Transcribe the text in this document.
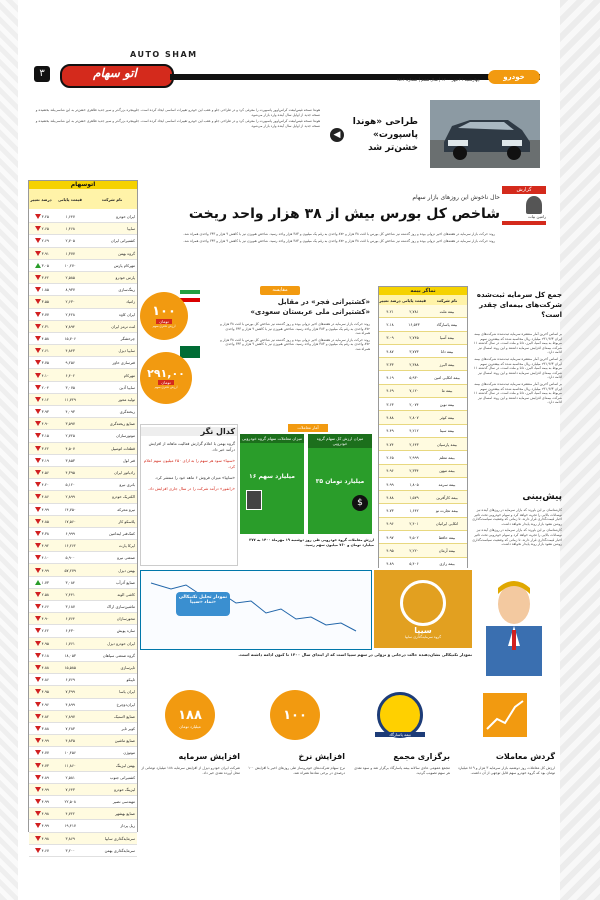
AUTO SHAM
اتو سهام
۳
چهارشنبه ۲۱ مهر ۱۴۰۰ | سال هفتم | شماره ۱۵۱۴	خودرو

هوندا نسخه فیس‌لیفت کراس‌اوور پاسپورت را معرفی کرد و در طراحی جلو و عقب این خودرو تغییرات اساسی ایجاد کرده است. جلوپنجره بزرگ‌تر و سپر جدید ظاهری خشن‌تر به این شاسی‌بلند بخشیده و نسخه جدید از اوایل سال آینده وارد بازار می‌شود.

هوندا نسخه فیس‌لیفت کراس‌اوور پاسپورت را معرفی کرد و در طراحی جلو و عقب این خودرو تغییرات اساسی ایجاد کرده است. جلوپنجره بزرگ‌تر و سپر جدید ظاهری خشن‌تر به این شاسی‌بلند بخشیده و نسخه جدید از اوایل سال آینده وارد بازار می‌شود.

◀
طراحی «هوندا پاسپورت» خشن‌تر شد
اتوسهام
نام شرکت
قیمت پایانی
درصد تغییر
ایران خودرو
۱,۶۴۷
۳.۲۵
سایپا
۱,۴۶۸
۲.۶۵
کشتیرانی ایران
۲,۷۰۵
۲.۶۹
گروه بهمن
۱,۳۷۷
۳.۹۱
مهرکام پارس
۱۰,۲۷۰
۳.۰۵
پارس خودرو
۲,۵۸۵
۳.۴۲
رینگ‌سازی
۸,۹۳۷
۱.۸۵
زامیاد
۲,۶۳۰
۳.۵۵
ایران کاوه
۲,۴۲۸
۳.۷۷
لنت ترمز ایران
۷,۸۹۴
۲.۳۱
چرخشگر
۱۵,۷۰۶
۴.۵۸
سایپا دیزل
۴,۸۴۳
۲.۶۱
فنرسازی خاور
۹,۲۵۶
۳.۷۵
مهرکام
۶,۴۰۲
۴.۱۰
سایپا آذین
۳,۰۷۵
۲.۰۴
تولید محور
۱۱,۷۲۹
۴.۱۲
ریخته‌گری
۴,۰۹۳
۳.۹۳
صنایع ریخته‌گری
۳,۵۹۷
۴.۹۰
موتورسازان
۲,۷۲۵
۳.۱۵
قطعات اتومبیل
۴,۵۰۷
۳.۲۲
فنر لول
۳,۸۵۳
۳.۱۹
رادیاتور ایران
۴,۳۹۵
۴.۵۶
باتری نیرو
۵,۱۲۰
۴.۲۰
الکتریک خودرو
۲,۸۹۹
۴.۸۶
نیرو محرکه
۱۴,۷۵۰
۴.۹۹
پلاسکو کار
۱۷,۵۶۰
۴.۸۵
کمک‌فنر ایندامین
۶,۹۹۹
۳.۳۸
ایرکا پارت
۱۶,۲۶۲
۴.۹۲
صنعتی نیرو
۵,۹۰۰
۴.۱۰
بهمن دیزل
۵۷,۲۷۹
۴.۹۹
صنایع آذرآب
۳,۰۸۴
۱.۷۳
کاشی الوند
۲,۴۴۱
۲.۵۸
ماشین‌سازی اراک
۳,۱۸۷
۴.۶۶
محورسازان
۶,۷۶۴
۴.۹۰
سازه پویش
۶,۴۳۰
۲.۲۲
ایران خودرو دیزل
۱,۷۶۱
۴.۹۵
گروه صنعتی سپاهان
۱۸,۰۵۳
۳.۱۸
تایرسازی
۱۵,۵۸۵
۴.۸۸
تاپیکو
۶,۷۶۹
۴.۸۶
ایران یاسا
۷,۳۹۹
۴.۹۵
ایران‌دوچرخ
۴,۸۹۹
۴.۹۶
صنایع لاستیک
۲,۸۹۷
۴.۸۲
کویر تایر
۷,۲۸۳
۳.۸۸
صنایع ماشین
۴,۸۳۵
۴.۹۹
موتوژن
۱۰,۴۵۶
۴.۷۷
بهمن لیزینگ
۱۱,۸۶۰
۴.۷۳
کشتیرانی جنوب
۲,۵۸۱
۴.۸۹
لیزینگ خودرو
۷,۶۴۳
۴.۹۹
مهندسی نصیر
۲۲,۵۰۸
۴.۹۹
صنایع بهشهر
۴,۷۲۲
۴.۹۸
ریل پرداز
۱۹,۴۱۷
۴.۹۹
سرمایه‌گذاری سایپا
۳,۸۶۹
۴.۹۸
سرمایه‌گذاری بهمن
۳,۲۰۰
۴.۶۷
حال ناخوش این روزهای بازار سهام
شاخص کل بورس بیش از ۳۸ هزار واحد ریخت
گزارش
رامین بیات

روند حرکت بازار سرمایه در هفته‌های اخیر نزولی بوده و روز گذشته نیز شاخص کل بورس با افت ۳۸ هزار و ۸۷۲ واحدی به رقم یک میلیون و ۳۸۳ هزار واحد رسید. شاخص هم‌وزن نیز با کاهش ۹ هزار و ۶۴۳ واحدی همراه شد.

روند حرکت بازار سرمایه در هفته‌های اخیر نزولی بوده و روز گذشته نیز شاخص کل بورس با افت ۳۸ هزار و ۸۷۲ واحدی به رقم یک میلیون و ۳۸۳ هزار واحد رسید. شاخص هم‌وزن نیز با کاهش ۹ هزار و ۶۴۳ واحدی همراه شد.

جمع کل سرمایه ثبت‌شده شرکت‌های بیمه‌ای چقدر است؟

بر اساس آخرین آمار منتشره سرمایه ثبت‌شده شرکت‌های بیمه ایران ۲۳۱,۹۶۴ میلیارد ریال محاسبه شده که بیشترین سهم مربوط به بیمه آسیا، البرز، دانا و ملت است. در سال گذشته ۱۱ شرکت بیمه‌ای افزایش سرمایه داشتند و این روند امسال نیز ادامه دارد.

بر اساس آخرین آمار منتشره سرمایه ثبت‌شده شرکت‌های بیمه ایران ۲۳۱,۹۶۴ میلیارد ریال محاسبه شده که بیشترین سهم مربوط به بیمه آسیا، البرز، دانا و ملت است. در سال گذشته ۱۱ شرکت بیمه‌ای افزایش سرمایه داشتند و این روند امسال نیز ادامه دارد.

بر اساس آخرین آمار منتشره سرمایه ثبت‌شده شرکت‌های بیمه ایران ۲۳۱,۹۶۴ میلیارد ریال محاسبه شده که بیشترین سهم مربوط به بیمه آسیا، البرز، دانا و ملت است. در سال گذشته ۱۱ شرکت بیمه‌ای افزایش سرمایه داشتند و این روند امسال نیز ادامه دارد.

پیش‌بینی

کارشناسان بر این باورند که بازار سرمایه در روزهای آینده نیز نوسانات بالایی را تجربه خواهد کرد و سهام خودرویی تحت تاثیر اخبار قیمت‌گذاری قرار دارند. تا زمانی که وضعیت سیاست‌گذاری روشن نشود بازار روند پایدار نخواهد داشت.

کارشناسان بر این باورند که بازار سرمایه در روزهای آینده نیز نوسانات بالایی را تجربه خواهد کرد و سهام خودرویی تحت تاثیر اخبار قیمت‌گذاری قرار دارند. تا زمانی که وضعیت سیاست‌گذاری روشن نشود بازار روند پایدار نخواهد داشت.

نماگر بیمه
نام شرکت
قیمت پایانی
درصد تغییر
بیمه ملت
۲,۷۸۱
۴.۲۱
بیمه پاسارگاد
۱۶,۵۴۳
۲.۱۸
بیمه آسیا
۲,۷۴۵
۳.۰۹
بیمه دانا
۳,۷۷۳
۴.۸۷
بیمه البرز
۲,۳۸۸
۳.۳۳
بیمه اتکایی امین
۵,۹۳۰
۴.۱۹
بیمه ما
۷,۱۲۰
۴.۶۹
بیمه نوین
۲,۰۷۴
۳.۶۳
بیمه کوثر
۲,۸۰۷
۴.۸۸
بیمه سینا
۴,۲۱۲
۴.۴۹
بیمه پارسیان
۲,۶۴۳
۴.۷۴
بیمه معلم
۲,۹۹۹
۲.۶۵
بیمه میهن
۲,۳۳۴
۴.۹۶
بیمه سرمد
۱,۸۰۵
۴.۹۹
بیمه کارآفرین
۱,۵۷۹
۴.۸۸
بیمه تجارت نو
۱,۶۴۲
۴.۷۳
اتکایی ایرانیان
۲,۴۰۱
۴.۹۶
بیمه حافظ
۴,۵۰۲
۴.۹۷
بیمه آرمان
۲,۲۲۰
۴.۹۵
بیمه رازی
۵,۴۰۶
۴.۸۹
مقایسه
«کشتیرانی فجر» در مقابل
«کشتیرانی ملی عربستان سعودی»

روند حرکت بازار سرمایه در هفته‌های اخیر نزولی بوده و روز گذشته نیز شاخص کل بورس با افت ۳۸ هزار و ۸۷۲ واحدی به رقم یک میلیون و ۳۸۳ هزار واحد رسید. شاخص هم‌وزن نیز با کاهش ۹ هزار و ۶۴۳ واحدی همراه شد.

روند حرکت بازار سرمایه در هفته‌های اخیر نزولی بوده و روز گذشته نیز شاخص کل بورس با افت ۳۸ هزار و ۸۷۲ واحدی به رقم یک میلیون و ۳۸۳ هزار واحد رسید. شاخص هم‌وزن نیز با کاهش ۹ هزار و ۶۴۳ واحدی همراه شد.

۱۰۰
تومان
ارزش دفتری سهم
۲۹۱,۰۰
تومان
ارزش دفتری سهم
کدال نگر
گروه بهمن با اعلام گزارش فعالیت ماهانه از افزایش درآمد خبر داد.
«سیپا» سود هر سهم را به ازای ۲۵۰ میلیون سهم اعلام کرد.
«سایپا» میزان فروش ۶ ماهه خود را منتشر کرد.
«رانفور» درآمد شرکت را در سال جاری افزایش داد.
آمار معاملات
میزان معاملات سهام گروه خودرویی
۱۶ میلیارد سهم
میزان ارزش کل سهام گروه خودرویی
۳۵ میلیارد تومان
$
ارزش معاملات گروه خودرویی طی روز دوشنبه ۱۹ مهرماه ۱۴۰۰ به ۳۷۷ میلیارد تومان و ۷۶۰ میلیون سهم رسید.
نمودار تحلیل تکنیکالی نماد «سیپا»
سیپا
گروه سرمایه‌گذاری سایپا
نمودار تکنیکالی نشان‌دهنده حالت درجاتی و نزولی در سهم سیپا است که از ابتدای سال ۱۴۰۰ تا کنون ادامه داشته است.
گردش معاملات
ارزش کل معاملات روز دوشنبه بازار سرمایه ۳ هزار و ۸۱۹ میلیارد تومان بود که گروه خودرو سهم قابل توجهی از آن داشت.
بیمه پاسارگاد
برگزاری مجمع
مجمع عمومی عادی سالانه بیمه پاسارگاد برگزار شد و سود نقدی هر سهم تصویب گردید.
۱۰۰
افزایش نرخ
نرخ سهام شرکت‌های خودروساز طی روزهای اخیر با افزایش ۱۰۰ درصدی در برخی نمادها همراه شد.
۱۸۸
میلیارد تومان
افزایش سرمایه
شرکت ایران خودرو دیزل از افزایش سرمایه ۱۸۸ میلیارد تومانی از محل آورده نقدی خبر داد.
